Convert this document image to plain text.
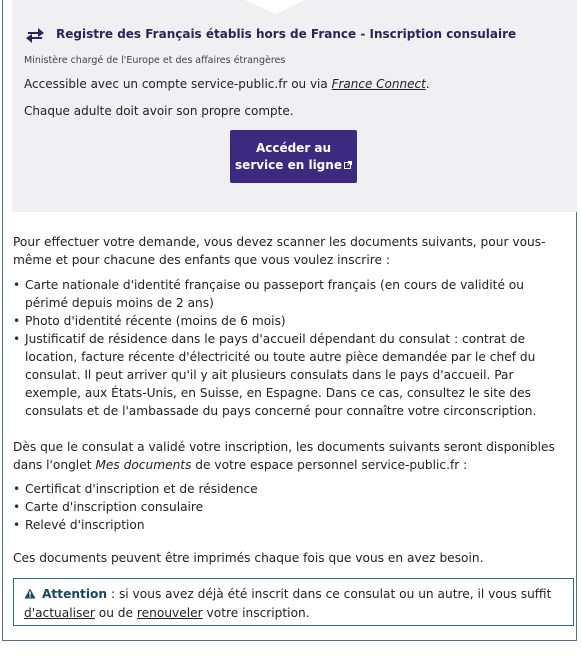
Registre des Français établis hors de France - Inscription consulaire
Ministère chargé de l'Europe et des affaires étrangères
Accessible avec un compte service-public.fr ou via France Connect.
Chaque adulte doit avoir son propre compte.
Accéder au
service en ligne

Pour effectuer votre demande, vous devez scanner les documents suivants, pour vous-même et pour chacune des enfants que vous voulez inscrire :

• Carte nationale d'identité française ou passeport français (en cours de validité ou périmé depuis moins de 2 ans)
• Photo d'identité récente (moins de 6 mois)
• Justificatif de résidence dans le pays d'accueil dépendant du consulat : contrat de location, facture récente d'électricité ou toute autre pièce demandée par le chef du consulat. Il peut arriver qu'il y ait plusieurs consulats dans le pays d'accueil. Par exemple, aux États-Unis, en Suisse, en Espagne. Dans ce cas, consultez le site des consulats et de l'ambassade du pays concerné pour connaître votre circonscription.

Dès que le consulat a validé votre inscription, les documents suivants seront disponibles dans l'onglet Mes documents de votre espace personnel service-public.fr :

• Certificat d'inscription et de résidence
• Carte d'inscription consulaire
• Relevé d'inscription

Ces documents peuvent être imprimés chaque fois que vous en avez besoin.

Attention : si vous avez déjà été inscrit dans ce consulat ou un autre, il vous suffit d'actualiser ou de renouveler votre inscription.
